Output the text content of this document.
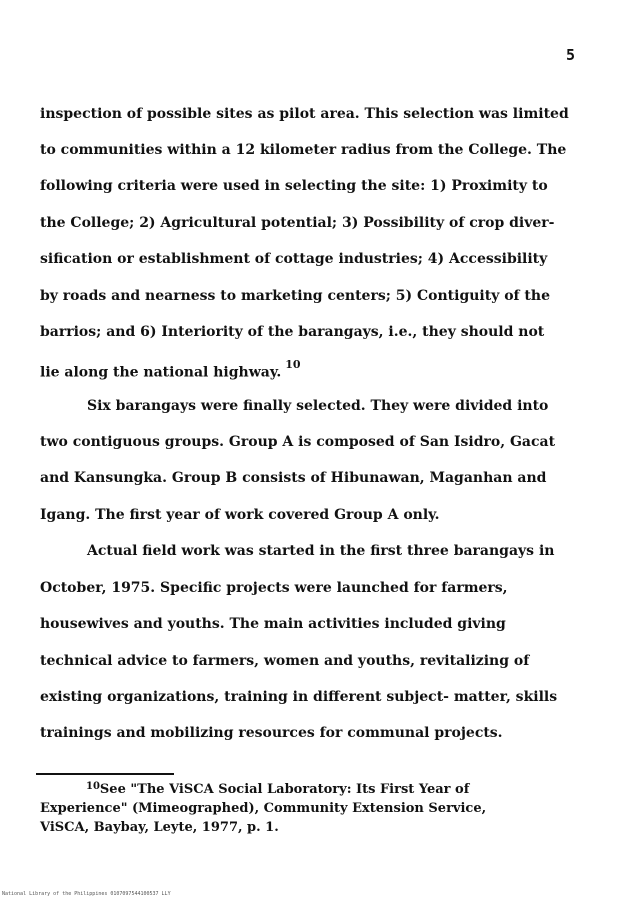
5

inspection of possible sites as pilot area. This selection was limited

to communities within a 12 kilometer radius from the College. The

following criteria were used in selecting the site: 1) Proximity to

the College; 2) Agricultural potential; 3) Possibility of crop diver-

sification or establishment of cottage industries; 4) Accessibility

by roads and nearness to marketing centers; 5) Contiguity of the

barrios; and 6) Interiority of the barangays, i.e., they should not

lie along the national highway.$^{10}$

Six barangays were finally selected. They were divided into

two contiguous groups. Group A is composed of San Isidro, Gacat

and Kansungka. Group B consists of Hibunawan, Maganhan and

Igang. The first year of work covered Group A only.

Actual field work was started in the first three barangays in

October, 1975. Specific projects were launched for farmers,

housewives and youths. The main activities included giving

technical advice to farmers, women and youths, revitalizing of

existing organizations, training in different subject- matter, skills

trainings and mobilizing resources for communal projects.

$^{10}$See "The ViSCA Social Laboratory: Its First Year of

Experience" (Mimeographed), Community Extension Service,

ViSCA, Baybay, Leyte, 1977, p. 1.

National Library of the Philippines 0107097544100537 LLY
